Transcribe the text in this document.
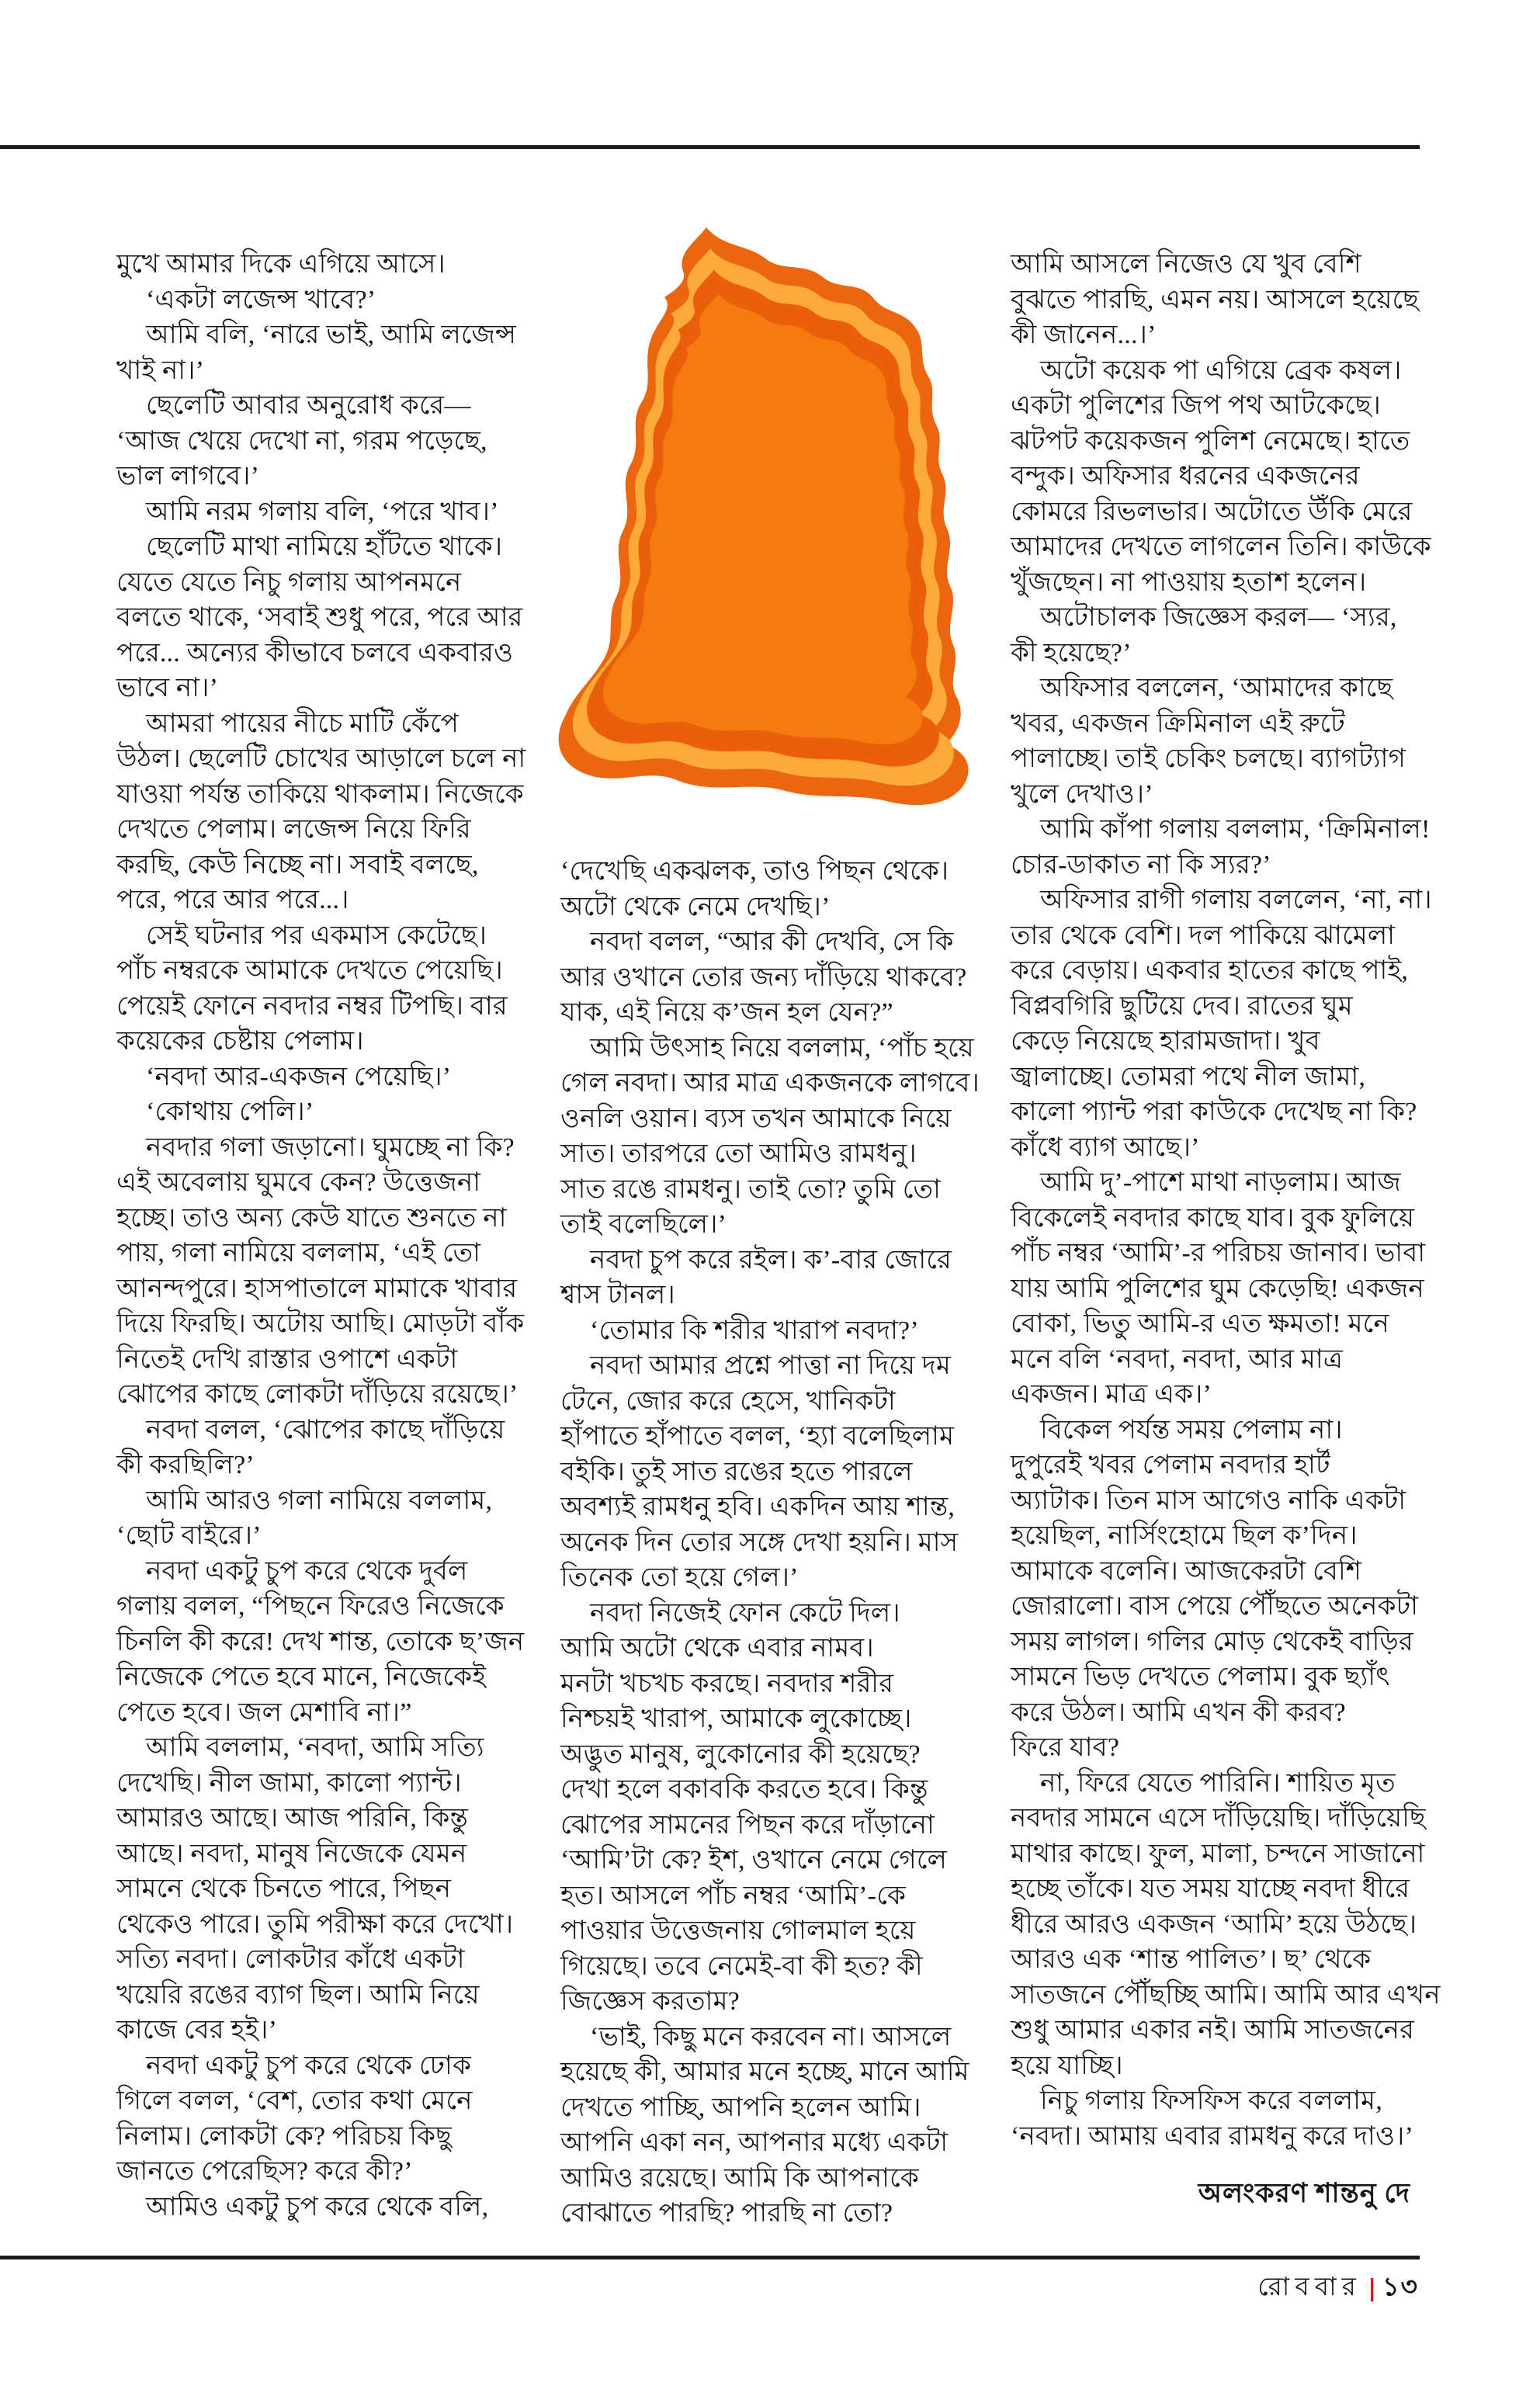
মুখে আমার দিকে এগিয়ে আসে।
‘একটা লজেন্স খাবে?’
আমি বলি, ‘নারে ভাই, আমি লজেন্স
খাই না।’
ছেলেটি আবার অনুরোধ করে—
‘আজ খেয়ে দেখো না, গরম পড়েছে,
ভাল লাগবে।’
আমি নরম গলায় বলি, ‘পরে খাব।’
ছেলেটি মাথা নামিয়ে হাঁটতে থাকে।
যেতে যেতে নিচু গলায় আপনমনে
বলতে থাকে, ‘সবাই শুধু পরে, পরে আর
পরে... অন্যের কীভাবে চলবে একবারও
ভাবে না।’
আমরা পায়ের নীচে মাটি কেঁপে
উঠল। ছেলেটি চোখের আড়ালে চলে না
যাওয়া পর্যন্ত তাকিয়ে থাকলাম। নিজেকে
দেখতে পেলাম। লজেন্স নিয়ে ফিরি
করছি, কেউ নিচ্ছে না। সবাই বলছে,
পরে, পরে আর পরে...।
সেই ঘটনার পর একমাস কেটেছে।
পাঁচ নম্বরকে আমাকে দেখতে পেয়েছি।
পেয়েই ফোনে নবদার নম্বর টিপছি। বার
কয়েকের চেষ্টায় পেলাম।
‘নবদা আর-একজন পেয়েছি।’
‘কোথায় পেলি।’
নবদার গলা জড়ানো। ঘুমচ্ছে না কি?
এই অবেলায় ঘুমবে কেন? উত্তেজনা
হচ্ছে। তাও অন্য কেউ যাতে শুনতে না
পায়, গলা নামিয়ে বললাম, ‘এই তো
আনন্দপুরে। হাসপাতালে মামাকে খাবার
দিয়ে ফিরছি। অটোয় আছি। মোড়টা বাঁক
নিতেই দেখি রাস্তার ওপাশে একটা
ঝোপের কাছে লোকটা দাঁড়িয়ে রয়েছে।’
নবদা বলল, ‘ঝোপের কাছে দাঁড়িয়ে
কী করছিলি?’
আমি আরও গলা নামিয়ে বললাম,
‘ছোট বাইরে।’
নবদা একটু চুপ করে থেকে দুর্বল
গলায় বলল, “পিছনে ফিরেও নিজেকে
চিনলি কী করে! দেখ শান্ত, তোকে ছ’জন
নিজেকে পেতে হবে মানে, নিজেকেই
পেতে হবে। জল মেশাবি না।”
আমি বললাম, ‘নবদা, আমি সত্যি
দেখেছি। নীল জামা, কালো প্যান্ট।
আমারও আছে। আজ পরিনি, কিন্তু
আছে। নবদা, মানুষ নিজেকে যেমন
সামনে থেকে চিনতে পারে, পিছন
থেকেও পারে। তুমি পরীক্ষা করে দেখো।
সত্যি নবদা। লোকটার কাঁধে একটা
খয়েরি রঙের ব্যাগ ছিল। আমি নিয়ে
কাজে বের হই।’
নবদা একটু চুপ করে থেকে ঢোক
গিলে বলল, ‘বেশ, তোর কথা মেনে
নিলাম। লোকটা কে? পরিচয় কিছু
জানতে পেরেছিস? করে কী?’
আমিও একটু চুপ করে থেকে বলি,
‘দেখেছি একঝলক, তাও পিছন থেকে।
অটো থেকে নেমে দেখছি।’
নবদা বলল, “আর কী দেখবি, সে কি
আর ওখানে তোর জন্য দাঁড়িয়ে থাকবে?
যাক, এই নিয়ে ক’জন হল যেন?”
আমি উৎসাহ নিয়ে বললাম, ‘পাঁচ হয়ে
গেল নবদা। আর মাত্র একজনকে লাগবে।
ওনলি ওয়ান। ব্যস তখন আমাকে নিয়ে
সাত। তারপরে তো আমিও রামধনু।
সাত রঙে রামধনু। তাই তো? তুমি তো
তাই বলেছিলে।’
নবদা চুপ করে রইল। ক’-বার জোরে
শ্বাস টানল।
‘তোমার কি শরীর খারাপ নবদা?’
নবদা আমার প্রশ্নে পাত্তা না দিয়ে দম
টেনে, জোর করে হেসে, খানিকটা
হাঁপাতে হাঁপাতে বলল, ‘হ্যা বলেছিলাম
বইকি। তুই সাত রঙের হতে পারলে
অবশ্যই রামধনু হবি। একদিন আয় শান্ত,
অনেক দিন তোর সঙ্গে দেখা হয়নি। মাস
তিনেক তো হয়ে গেল।’
নবদা নিজেই ফোন কেটে দিল।
আমি অটো থেকে এবার নামব।
মনটা খচখচ করছে। নবদার শরীর
নিশ্চয়ই খারাপ, আমাকে লুকোচ্ছে।
অদ্ভুত মানুষ, লুকোনোর কী হয়েছে?
দেখা হলে বকাবকি করতে হবে। কিন্তু
ঝোপের সামনের পিছন করে দাঁড়ানো
‘আমি’টা কে? ইশ, ওখানে নেমে গেলে
হত। আসলে পাঁচ নম্বর ‘আমি’-কে
পাওয়ার উত্তেজনায় গোলমাল হয়ে
গিয়েছে। তবে নেমেই-বা কী হত? কী
জিজ্ঞেস করতাম?
‘ভাই, কিছু মনে করবেন না। আসলে
হয়েছে কী, আমার মনে হচ্ছে, মানে আমি
দেখতে পাচ্ছি, আপনি হলেন আমি।
আপনি একা নন, আপনার মধ্যে একটা
আমিও রয়েছে। আমি কি আপনাকে
বোঝাতে পারছি? পারছি না তো?
আমি আসলে নিজেও যে খুব বেশি
বুঝতে পারছি, এমন নয়। আসলে হয়েছে
কী জানেন...।’
অটো কয়েক পা এগিয়ে ব্রেক কষল।
একটা পুলিশের জিপ পথ আটকেছে।
ঝটপট কয়েকজন পুলিশ নেমেছে। হাতে
বন্দুক। অফিসার ধরনের একজনের
কোমরে রিভলভার। অটোতে উঁকি মেরে
আমাদের দেখতে লাগলেন তিনি। কাউকে
খুঁজছেন। না পাওয়ায় হতাশ হলেন।
অটোচালক জিজ্ঞেস করল— ‘স্যর,
কী হয়েছে?’
অফিসার বললেন, ‘আমাদের কাছে
খবর, একজন ক্রিমিনাল এই রুটে
পালাচ্ছে। তাই চেকিং চলছে। ব্যাগট্যাগ
খুলে দেখাও।’
আমি কাঁপা গলায় বললাম, ‘ক্রিমিনাল!
চোর-ডাকাত না কি স্যর?’
অফিসার রাগী গলায় বললেন, ‘না, না।
তার থেকে বেশি। দল পাকিয়ে ঝামেলা
করে বেড়ায়। একবার হাতের কাছে পাই,
বিপ্লবগিরি ছুটিয়ে দেব। রাতের ঘুম
কেড়ে নিয়েছে হারামজাদা। খুব
জ্বালাচ্ছে। তোমরা পথে নীল জামা,
কালো প্যান্ট পরা কাউকে দেখেছ না কি?
কাঁধে ব্যাগ আছে।’
আমি দু’-পাশে মাথা নাড়লাম। আজ
বিকেলেই নবদার কাছে যাব। বুক ফুলিয়ে
পাঁচ নম্বর ‘আমি’-র পরিচয় জানাব। ভাবা
যায় আমি পুলিশের ঘুম কেড়েছি! একজন
বোকা, ভিতু আমি-র এত ক্ষমতা! মনে
মনে বলি ‘নবদা, নবদা, আর মাত্র
একজন। মাত্র এক।’
বিকেল পর্যন্ত সময় পেলাম না।
দুপুরেই খবর পেলাম নবদার হার্ট
অ্যাটাক। তিন মাস আগেও নাকি একটা
হয়েছিল, নার্সিংহোমে ছিল ক’দিন।
আমাকে বলেনি। আজকেরটা বেশি
জোরালো। বাস পেয়ে পৌঁছতে অনেকটা
সময় লাগল। গলির মোড় থেকেই বাড়ির
সামনে ভিড় দেখতে পেলাম। বুক ছ্যাঁৎ
করে উঠল। আমি এখন কী করব?
ফিরে যাব?
না, ফিরে যেতে পারিনি। শায়িত মৃত
নবদার সামনে এসে দাঁড়িয়েছি। দাঁড়িয়েছি
মাথার কাছে। ফুল, মালা, চন্দনে সাজানো
হচ্ছে তাঁকে। যত সময় যাচ্ছে নবদা ধীরে
ধীরে আরও একজন ‘আমি’ হয়ে উঠছে।
আরও এক ‘শান্ত পালিত’। ছ’ থেকে
সাতজনে পৌঁছচ্ছি আমি। আমি আর এখন
শুধু আমার একার নই। আমি সাতজনের
হয়ে যাচ্ছি।
নিচু গলায় ফিসফিস করে বললাম,
‘নবদা। আমায় এবার রামধনু করে দাও।’
অলংকরণ শান্তনু দে
রোববার | ১৩
